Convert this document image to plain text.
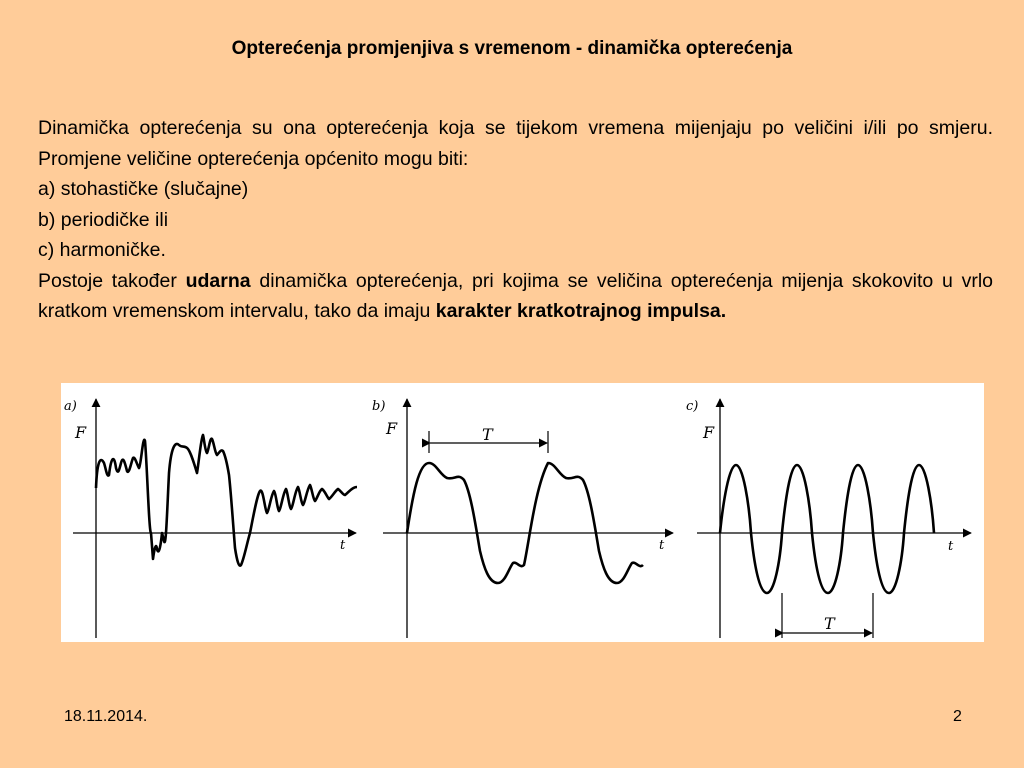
Opterećenja promjenjiva s vremenom - dinamička opterećenja

Dinamička opterećenja su ona opterećenja koja se tijekom vremena mijenjaju po veličini i/ili po smjeru. Promjene veličine opterećenja općenito mogu biti:

a) stohastičke (slučajne)
b) periodičke ili
c) harmoničke.

Postoje također udarna dinamička opterećenja, pri kojima se veličina opterećenja mijenja skokovito u vrlo kratkom vremenskom intervalu, tako da imaju karakter kratkotrajnog impulsa.

a)
F
t
b)
F
t
T
c)
F
t
T
18.11.2014.	2
